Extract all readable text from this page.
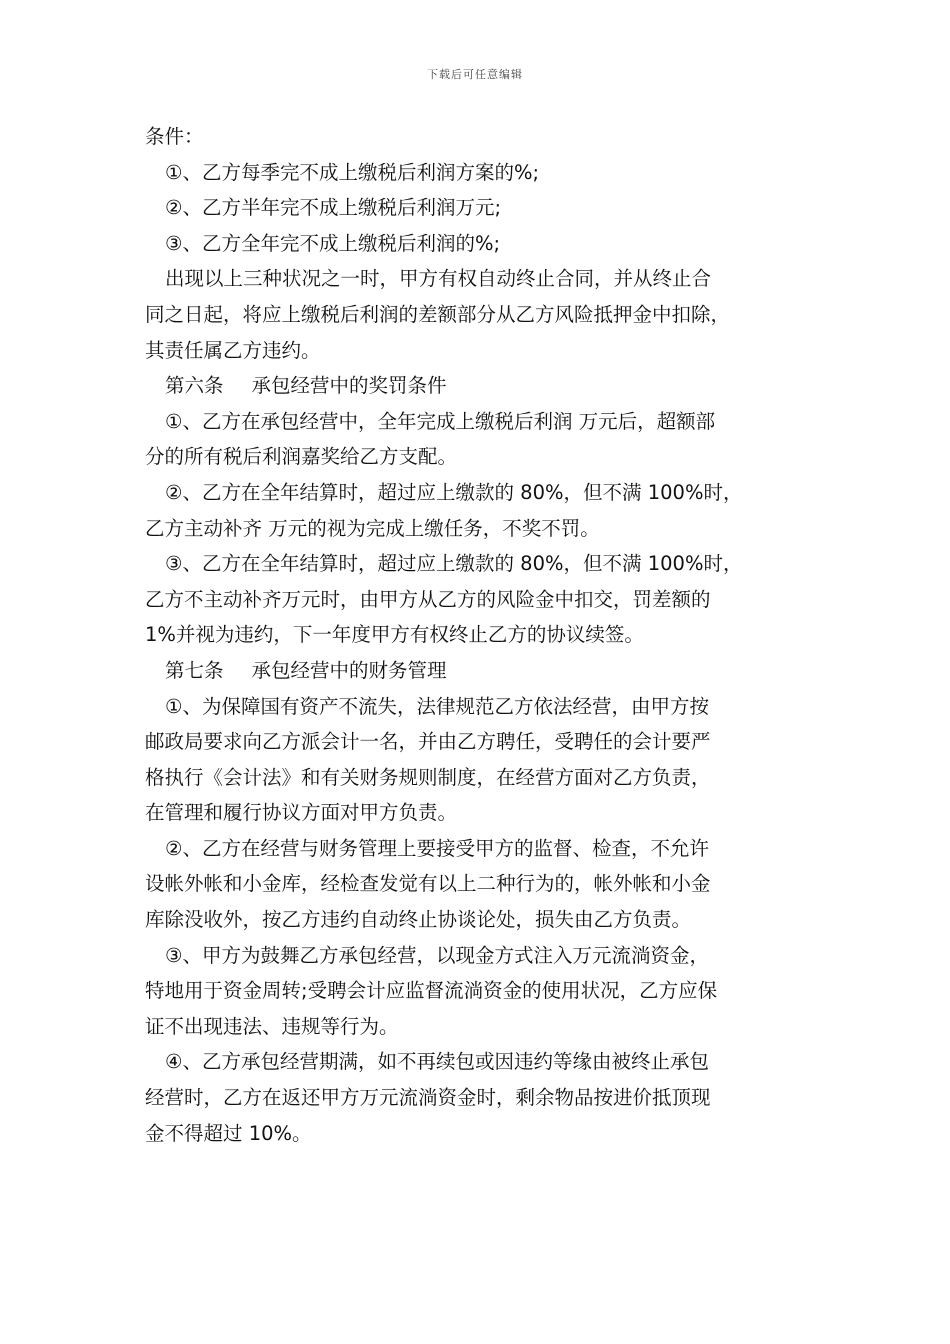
下载后可任意编辑
条件：
①、乙方每季完不成上缴税后利润方案的%;
②、乙方半年完不成上缴税后利润万元;
③、乙方全年完不成上缴税后利润的%;
出现以上三种状况之一时，甲方有权自动终止合同，并从终止合
同之日起，将应上缴税后利润的差额部分从乙方风险抵押金中扣除，
其责任属乙方违约。
第六条 承包经营中的奖罚条件
①、乙方在承包经营中，全年完成上缴税后利润 万元后，超额部
分的所有税后利润嘉奖给乙方支配。
②、乙方在全年结算时，超过应上缴款的 80%，但不满 100%时，
乙方主动补齐 万元的视为完成上缴任务，不奖不罚。
③、乙方在全年结算时，超过应上缴款的 80%，但不满 100%时，
乙方不主动补齐万元时，由甲方从乙方的风险金中扣交，罚差额的
1%并视为违约，下一年度甲方有权终止乙方的协议续签。
第七条 承包经营中的财务管理
①、为保障国有资产不流失，法律规范乙方依法经营，由甲方按
邮政局要求向乙方派会计一名，并由乙方聘任，受聘任的会计要严
格执行《会计法》和有关财务规则制度，在经营方面对乙方负责，
在管理和履行协议方面对甲方负责。
②、乙方在经营与财务管理上要接受甲方的监督、检查，不允许
设帐外帐和小金库，经检查发觉有以上二种行为的，帐外帐和小金
库除没收外，按乙方违约自动终止协谈论处，损失由乙方负责。
③、甲方为鼓舞乙方承包经营，以现金方式注入万元流淌资金，
特地用于资金周转;受聘会计应监督流淌资金的使用状况，乙方应保
证不出现违法、违规等行为。
④、乙方承包经营期满，如不再续包或因违约等缘由被终止承包
经营时，乙方在返还甲方万元流淌资金时，剩余物品按进价抵顶现
金不得超过 10%。
